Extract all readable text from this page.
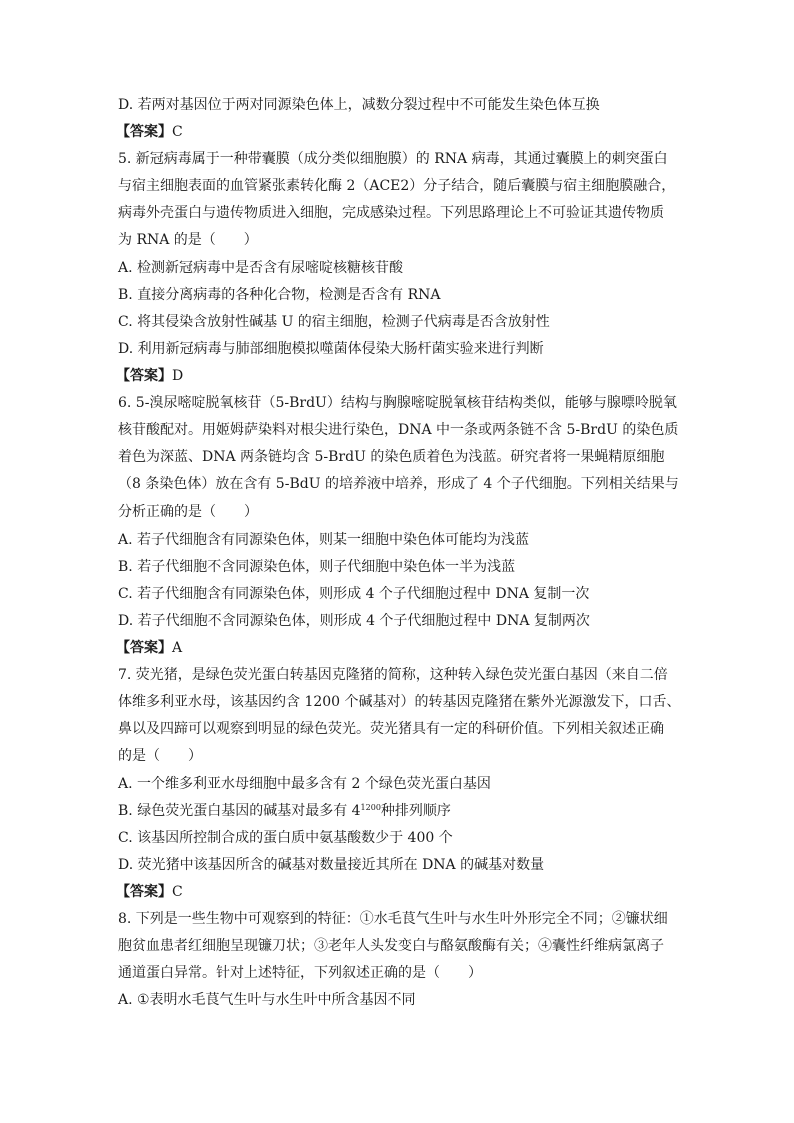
D. 若两对基因位于两对同源染色体上，减数分裂过程中不可能发生染色体互换
【答案】C
5. 新冠病毒属于一种带囊膜（成分类似细胞膜）的 RNA 病毒，其通过囊膜上的刺突蛋白
与宿主细胞表面的血管紧张素转化酶 2（ACE2）分子结合，随后囊膜与宿主细胞膜融合，
病毒外壳蛋白与遗传物质进入细胞，完成感染过程。下列思路理论上不可验证其遗传物质
为 RNA 的是（　　）
A. 检测新冠病毒中是否含有尿嘧啶核糖核苷酸
B. 直接分离病毒的各种化合物，检测是否含有 RNA
C. 将其侵染含放射性碱基 U 的宿主细胞，检测子代病毒是否含放射性
D. 利用新冠病毒与肺部细胞模拟噬菌体侵染大肠杆菌实验来进行判断
【答案】D
6. 5-溴尿嘧啶脱氧核苷（5-BrdU）结构与胸腺嘧啶脱氧核苷结构类似，能够与腺嘌呤脱氧
核苷酸配对。用姬姆萨染料对根尖进行染色，DNA 中一条或两条链不含 5-BrdU 的染色质
着色为深蓝、DNA 两条链均含 5-BrdU 的染色质着色为浅蓝。研究者将一果蝇精原细胞
（8 条染色体）放在含有 5-BdU 的培养液中培养，形成了 4 个子代细胞。下列相关结果与
分析正确的是（　　）
A. 若子代细胞含有同源染色体，则某一细胞中染色体可能均为浅蓝
B. 若子代细胞不含同源染色体，则子代细胞中染色体一半为浅蓝
C. 若子代细胞含有同源染色体，则形成 4 个子代细胞过程中 DNA 复制一次
D. 若子代细胞不含同源染色体，则形成 4 个子代细胞过程中 DNA 复制两次
【答案】A
7. 荧光猪，是绿色荧光蛋白转基因克隆猪的简称，这种转入绿色荧光蛋白基因（来自二倍
体维多利亚水母，该基因约含 1200 个碱基对）的转基因克隆猪在紫外光源激发下，口舌、
鼻以及四蹄可以观察到明显的绿色荧光。荧光猪具有一定的科研价值。下列相关叙述正确
的是（　　）
A. 一个维多利亚水母细胞中最多含有 2 个绿色荧光蛋白基因
B. 绿色荧光蛋白基因的碱基对最多有 $4^{1200}$种排列顺序
C. 该基因所控制合成的蛋白质中氨基酸数少于 400 个
D. 荧光猪中该基因所含的碱基对数量接近其所在 DNA 的碱基对数量
【答案】C
8. 下列是一些生物中可观察到的特征：①水毛茛气生叶与水生叶外形完全不同；②镰状细
胞贫血患者红细胞呈现镰刀状；③老年人头发变白与酪氨酸酶有关；④囊性纤维病氯离子
通道蛋白异常。针对上述特征，下列叙述正确的是（　　）
A. ①表明水毛茛气生叶与水生叶中所含基因不同
